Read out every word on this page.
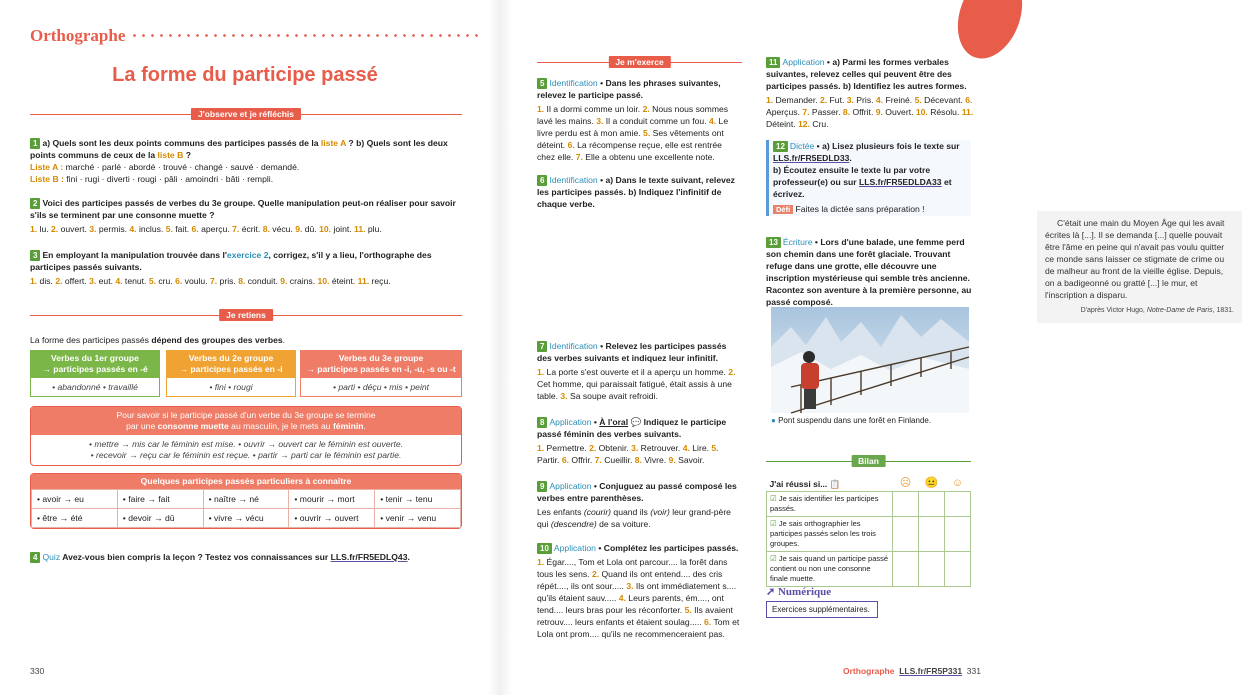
Orthographe
La forme du participe passé
J'observe et je réfléchis
1 a) Quels sont les deux points communs des participes passés de la liste A ? b) Quels sont les deux points communs de ceux de la liste B ?
Liste A : marché · parlé · abordé · trouvé · changé · sauvé · demandé.
Liste B : fini · rugi · diverti · rougi · pâli · amoindri · bâti · rempli.
2 Voici des participes passés de verbes du 3e groupe. Quelle manipulation peut-on réaliser pour savoir s'ils se terminent par une consonne muette ?
1. lu. 2. ouvert. 3. permis. 4. inclus. 5. fait. 6. aperçu. 7. écrit. 8. vécu. 9. dû. 10. joint. 11. plu.
3 En employant la manipulation trouvée dans l'exercice 2, corrigez, s'il y a lieu, l'orthographe des participes passés suivants.
1. dis. 2. offert. 3. eut. 4. tenut. 5. cru. 6. voulu. 7. pris. 8. conduit. 9. crains. 10. éteint. 11. reçu.
Je retiens
La forme des participes passés dépend des groupes des verbes.
Verbes du 1er groupe
→ participes passés en -é
• abandonné • travaillé
Verbes du 2e groupe
→ participes passés en -i
• fini • rougi
Verbes du 3e groupe
→ participes passés en -i, -u, -s ou -t
• parti • déçu • mis • peint
Pour savoir si le participe passé d'un verbe du 3e groupe se termine
par une consonne muette au masculin, je le mets au féminin.
• mettre → mis car le féminin est mise. • ouvrir → ouvert car le féminin est ouverte.
• recevoir → reçu car le féminin est reçue. • partir → parti car le féminin est partie.
Quelques participes passés particuliers à connaître
• avoir → eu	• faire → fait	• naître → né	• mourir → mort	• tenir → tenu
• être → été	• devoir → dû	• vivre → vécu	• ouvrir → ouvert	• venir → venu
4 Quiz Avez-vous bien compris la leçon ? Testez vos connaissances sur LLS.fr/FR5EDLQ43.
330
Je m'exerce
5 Identification • Dans les phrases suivantes, relevez le participe passé.
1. Il a dormi comme un loir. 2. Nous nous sommes lavé les mains. 3. Il a conduit comme un fou. 4. Le livre perdu est à mon amie. 5. Ses vêtements ont déteint. 6. La récompense reçue, elle est rentrée chez elle. 7. Elle a obtenu une excellente note.
6 Identification • a) Dans le texte suivant, relevez les participes passés. b) Indiquez l'infinitif de chaque verbe.
C'était une main du Moyen Âge qui les avait écrites là [...]. Il se demanda [...] quelle pouvait être l'âme en peine qui n'avait pas voulu quitter ce monde sans laisser ce stigmate de crime ou de malheur au front de la vieille église. Depuis, on a badigeonné ou gratté [...] le mur, et l'inscription a disparu.
D'après Victor Hugo, Notre-Dame de Paris, 1831.
7 Identification • Relevez les participes passés des verbes suivants et indiquez leur infinitif.
1. La porte s'est ouverte et il a aperçu un homme. 2. Cet homme, qui paraissait fatigué, était assis à une table. 3. Sa soupe avait refroidi.
8 Application • À l'oral 💬 Indiquez le participe passé féminin des verbes suivants.
1. Permettre. 2. Obtenir. 3. Retrouver. 4. Lire. 5. Partir. 6. Offrir. 7. Cueillir. 8. Vivre. 9. Savoir.
9 Application • Conjuguez au passé composé les verbes entre parenthèses.
Les enfants (courir) quand ils (voir) leur grand-père qui (descendre) de sa voiture.
10 Application • Complétez les participes passés.
1. Égar...., Tom et Lola ont parcour.... la forêt dans tous les sens. 2. Quand ils ont entend.... des cris répét...., ils ont sour..... 3. Ils ont immédiatement s.... qu'ils étaient sauv..... 4. Leurs parents, ém...., ont tend.... leurs bras pour les réconforter. 5. Ils avaient retrouv.... leurs enfants et étaient soulag..... 6. Tom et Lola ont prom.... qu'ils ne recommenceraient pas.
11 Application • a) Parmi les formes verbales suivantes, relevez celles qui peuvent être des participes passés. b) Identifiez les autres formes.
1. Demander. 2. Fut. 3. Pris. 4. Freiné. 5. Décevant. 6. Aperçus. 7. Passer. 8. Offrit. 9. Ouvert. 10. Résolu. 11. Déteint. 12. Cru.
12 Dictée • a) Lisez plusieurs fois le texte sur LLS.fr/FR5EDLD33.
b) Écoutez ensuite le texte lu par votre professeur(e) ou sur LLS.fr/FR5EDLDA33 et écrivez.
Défi Faites la dictée sans préparation !
13 Écriture • Lors d'une balade, une femme perd son chemin dans une forêt glaciale. Trouvant refuge dans une grotte, elle découvre une inscription mystérieuse qui semble très ancienne. Racontez son aventure à la première personne, au passé composé.
● Pont suspendu dans une forêt en Finlande.
Bilan
J'ai réussi si... 📋	☹	😐	☺
☑ Je sais identifier les participes passés.			
☑ Je sais orthographier les participes passés selon les trois groupes.			
☑ Je sais quand un participe passé contient ou non une consonne finale muette.			
➚ Numérique
Exercices supplémentaires.
Orthographe LLS.fr/FR5P331 331
